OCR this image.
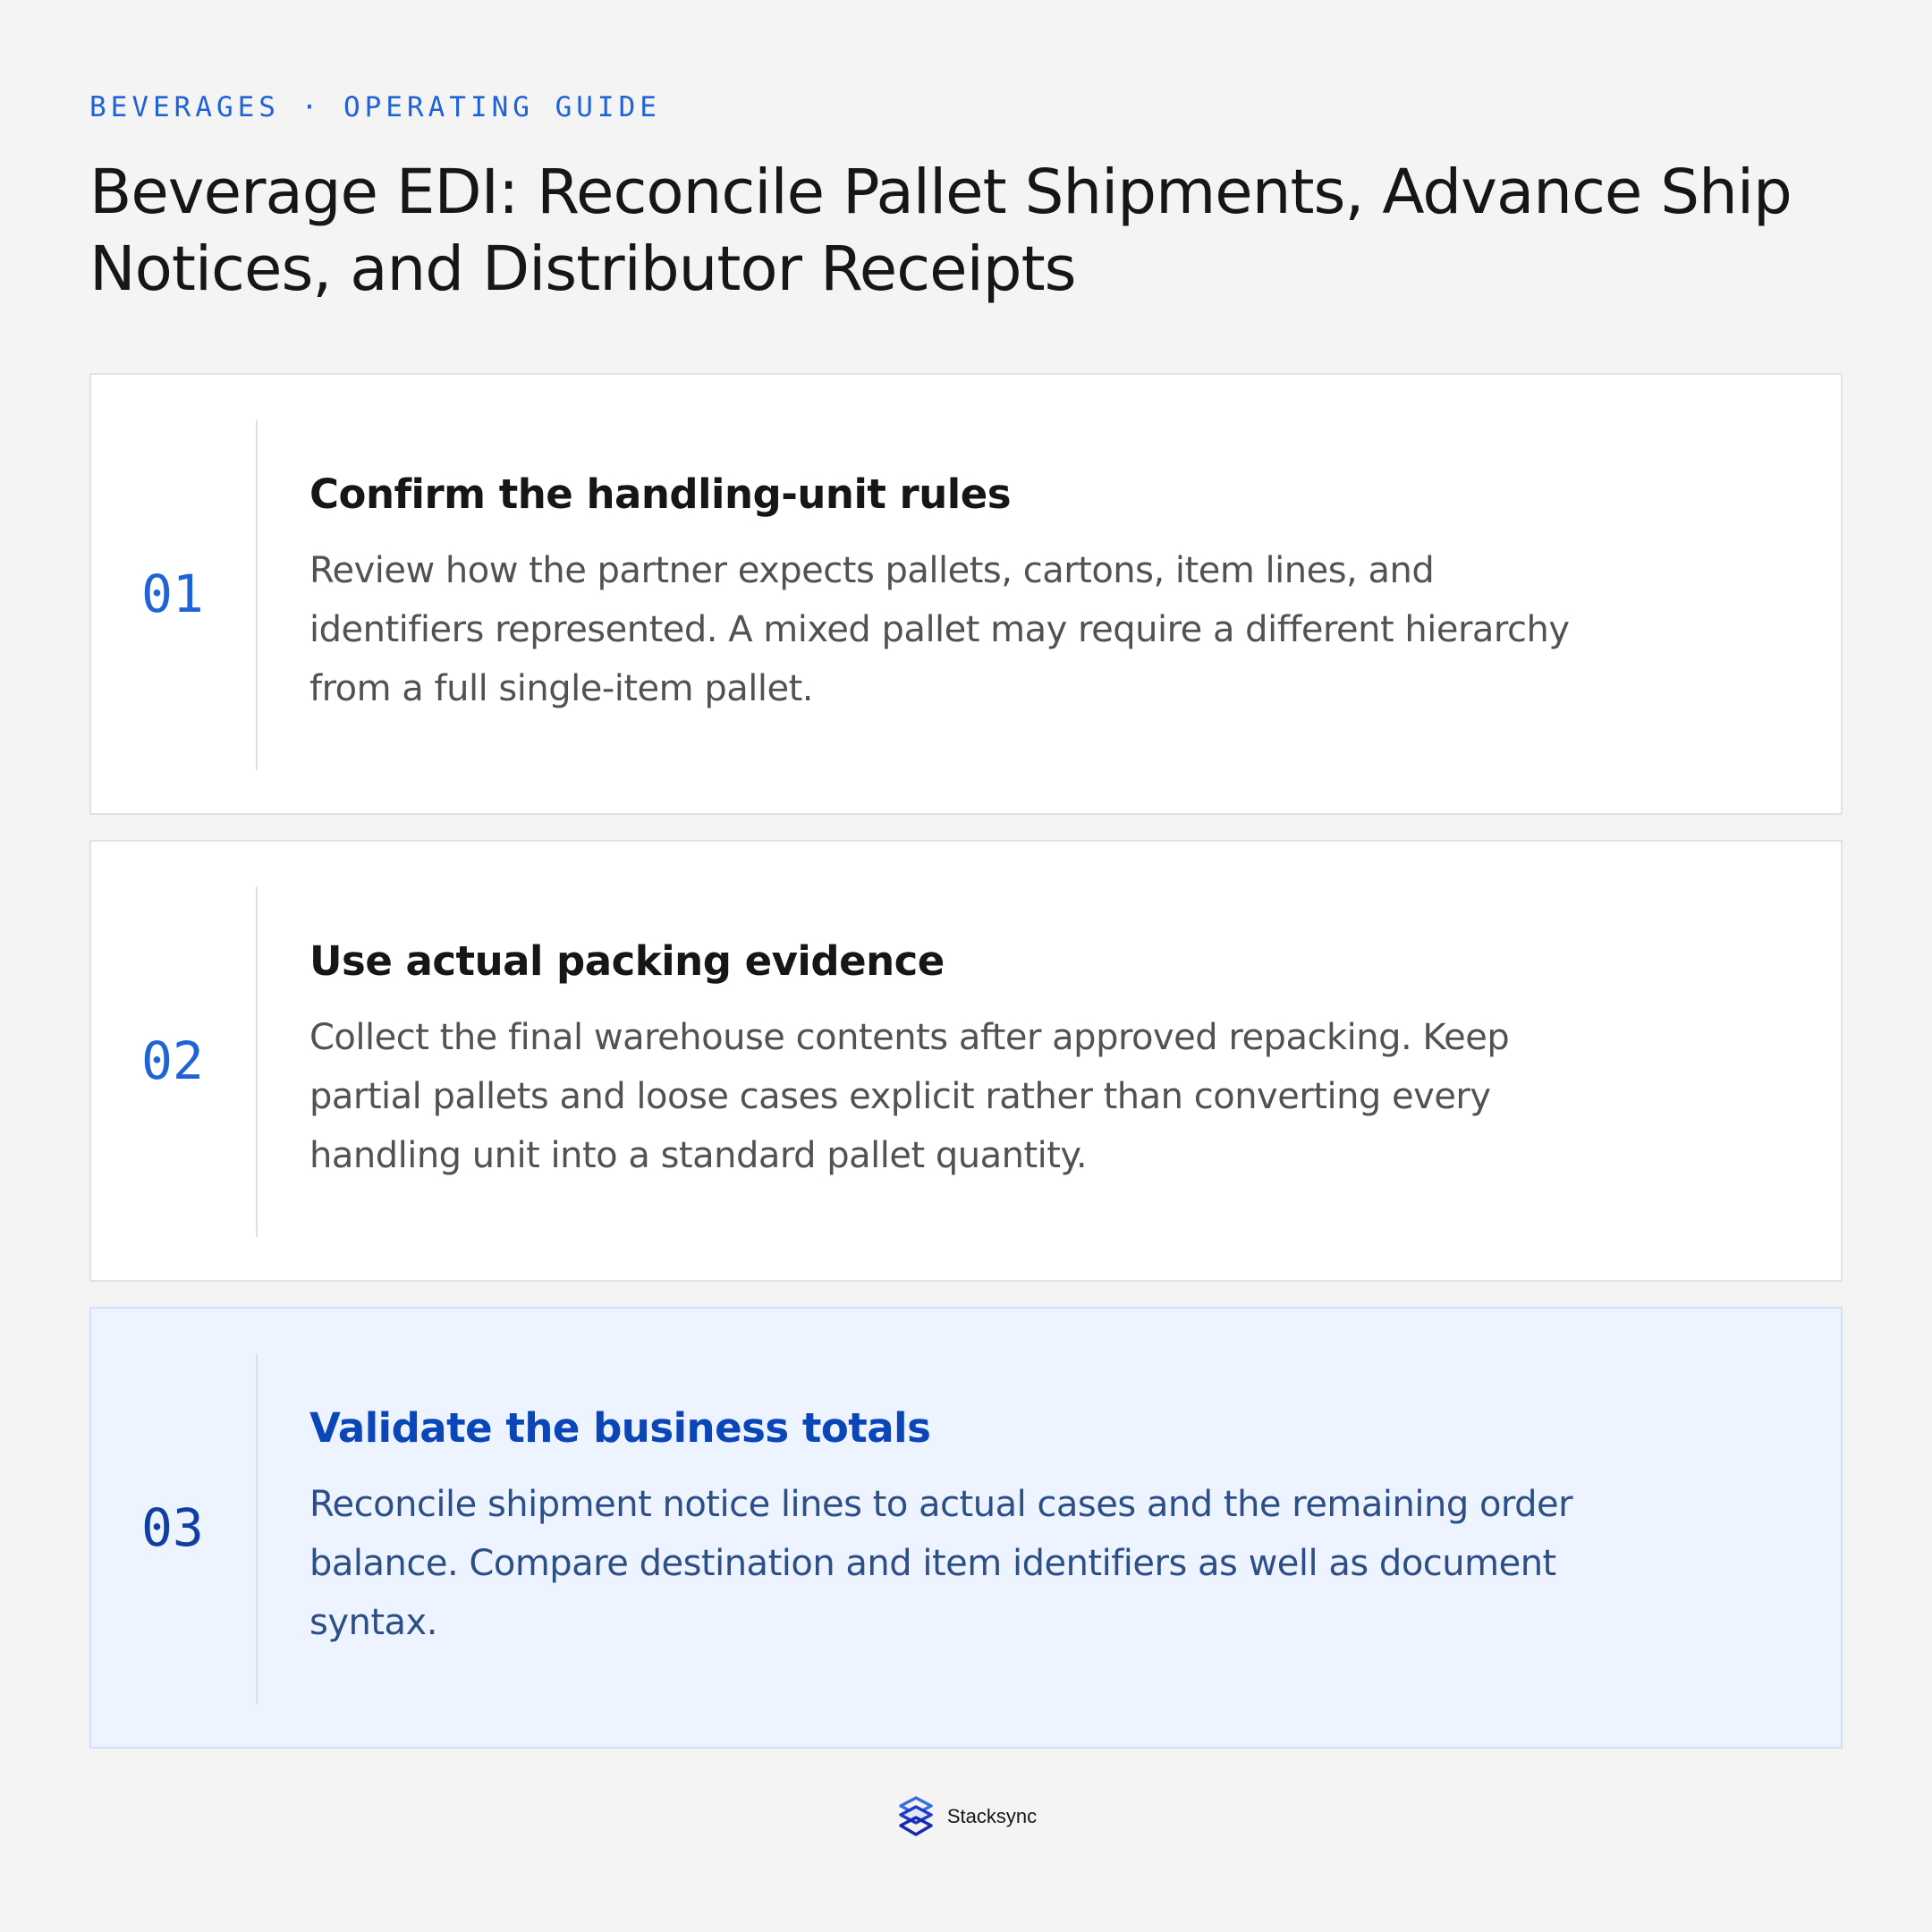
BEVERAGES · OPERATING GUIDE
Beverage EDI: Reconcile Pallet Shipments, Advance Ship Notices, and Distributor Receipts
01
Confirm the handling-unit rules

Review how the partner expects pallets, cartons, item lines, and identifiers represented. A mixed pallet may require a different hierarchy from a full single-item pallet.

02
Use actual packing evidence

Collect the final warehouse contents after approved repacking. Keep partial pallets and loose cases explicit rather than converting every handling unit into a standard pallet quantity.

03
Validate the business totals

Reconcile shipment notice lines to actual cases and the remaining order balance. Compare destination and item identifiers as well as document syntax.

Stacksync
